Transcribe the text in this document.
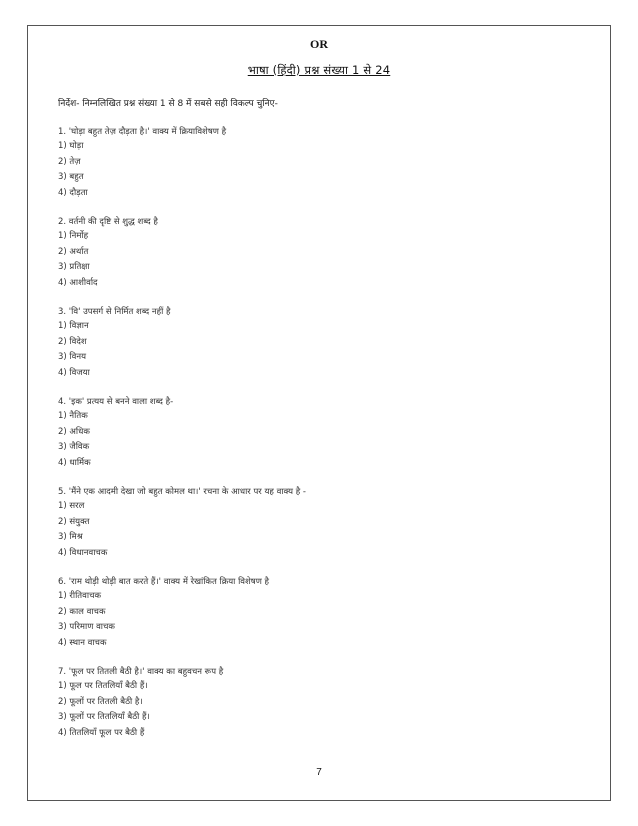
OR
भाषा (हिंदी) प्रश्न संख्या 1 से 24
निर्देश- निम्नलिखित प्रश्न संख्या 1 से 8 में सबसे सही विकल्प चुनिए-
1. 'घोड़ा बहुत तेज़ दौड़ता है।' वाक्य में क्रियाविशेषण है
1) घोड़ा
2) तेज़
3) बहुत
4) दौड़ता
2. वर्तनी की दृष्टि से शुद्ध शब्द है
1) निर्मोह
2) अर्थात
3) प्रतिक्षा
4) आशीर्वाद
3. 'वि' उपसर्ग से निर्मित शब्द नहीं है
1) विज्ञान
2) विदेश
3) विनय
4) विजया
4. 'इक' प्रत्यय से बनने वाला शब्द है-
1) नैतिक
2) अधिक
3) जैविक
4) धार्मिक
5. 'मैंने एक आदमी देखा जो बहुत कोमल था।' रचना के आधार पर यह वाक्य है -
1) सरल
2) संयुक्त
3) मिश्र
4) विधानवाचक
6. 'राम थोड़ी थोड़ी बात करते हैं।' वाक्य में रेखांकित क्रिया विशेषण है
1) रीतिवाचक
2) काल वाचक
3) परिमाण वाचक
4) स्थान वाचक
7. 'फूल पर तितली बैठी है।' वाक्य का बहुवचन रूप है
1) फूल पर तितलियाँ बैठी हैं।
2) फूलों पर तितली बैठी है।
3) फूलों पर तितलियाँ बैठी हैं।
4) तितलियाँ फूल पर बैठी हैं
7
